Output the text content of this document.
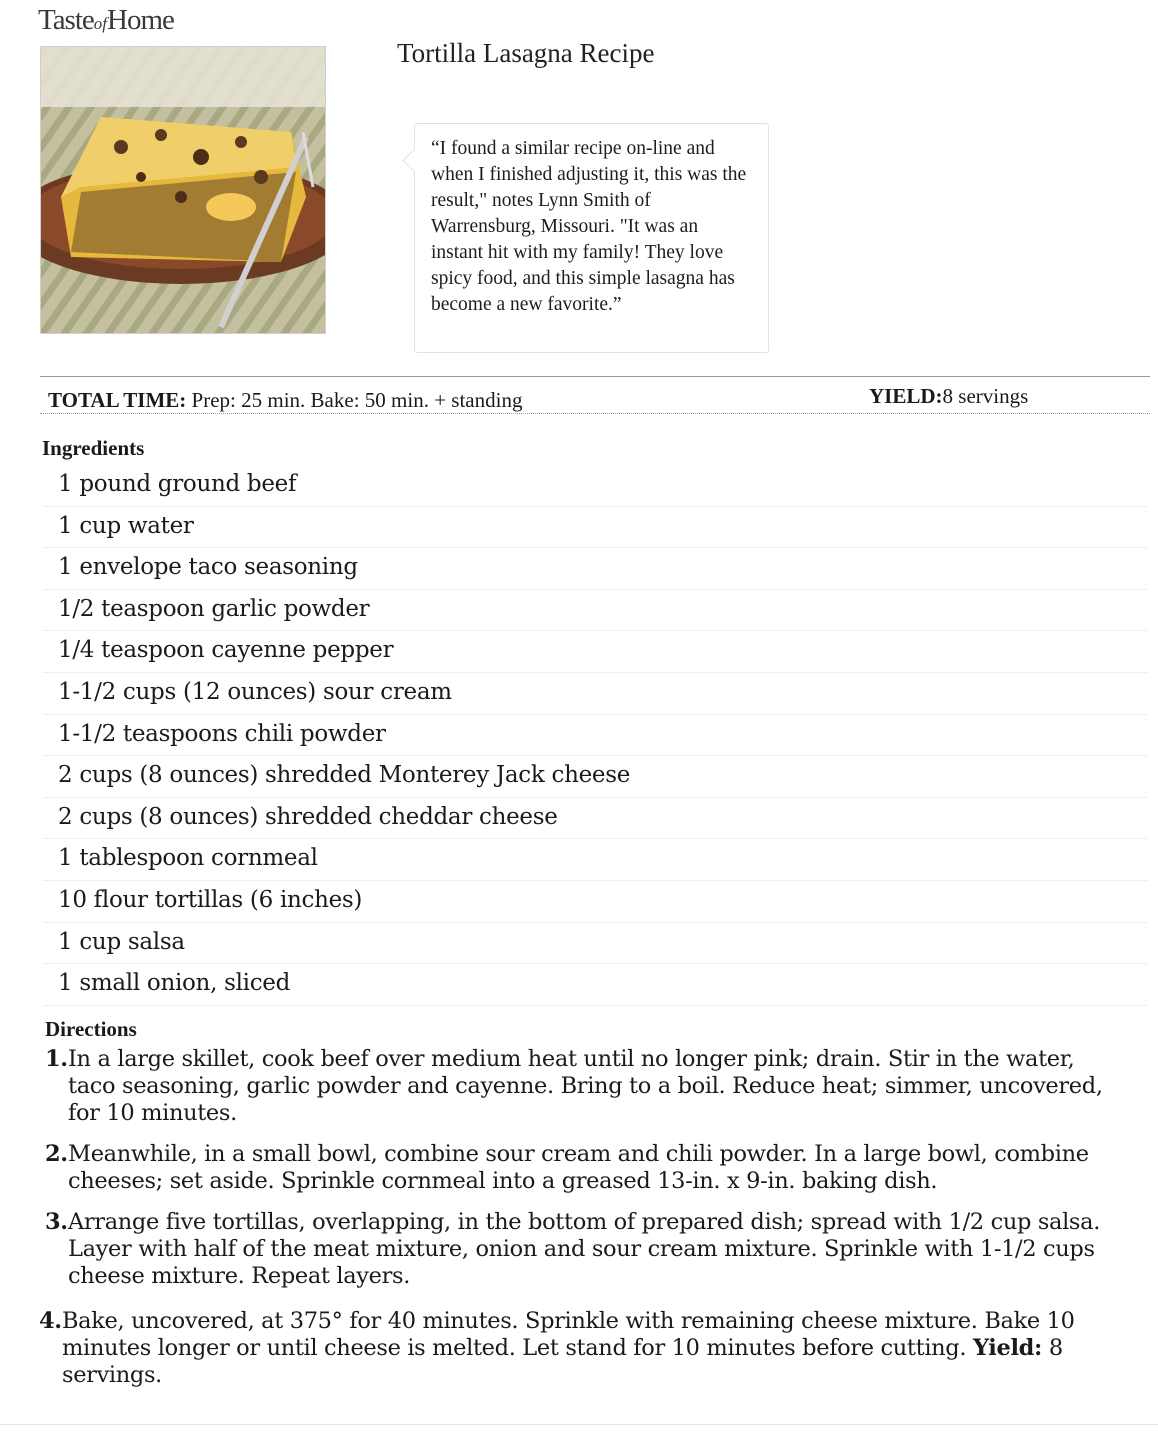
TasteofHome
Tortilla Lasagna Recipe
“I found a similar recipe on-line and when I finished adjusting it, this was the result," notes Lynn Smith of Warrensburg, Missouri. "It was an instant hit with my family! They love spicy food, and this simple lasagna has become a new favorite.”
TOTAL TIME: Prep: 25 min. Bake: 50 min. + standing	YIELD:8 servings
Ingredients
1 pound ground beef
1 cup water
1 envelope taco seasoning
1/2 teaspoon garlic powder
1/4 teaspoon cayenne pepper
1-1/2 cups (12 ounces) sour cream
1-1/2 teaspoons chili powder
2 cups (8 ounces) shredded Monterey Jack cheese
2 cups (8 ounces) shredded cheddar cheese
1 tablespoon cornmeal
10 flour tortillas (6 inches)
1 cup salsa
1 small onion, sliced
Directions
1. In a large skillet, cook beef over medium heat until no longer pink; drain. Stir in the water, taco seasoning, garlic powder and cayenne. Bring to a boil. Reduce heat; simmer, uncovered, for 10 minutes.
2. Meanwhile, in a small bowl, combine sour cream and chili powder. In a large bowl, combine cheeses; set aside. Sprinkle cornmeal into a greased 13-in. x 9-in. baking dish.
3. Arrange five tortillas, overlapping, in the bottom of prepared dish; spread with 1/2 cup salsa. Layer with half of the meat mixture, onion and sour cream mixture. Sprinkle with 1-1/2 cups cheese mixture. Repeat layers.
4. Bake, uncovered, at 375° for 40 minutes. Sprinkle with remaining cheese mixture. Bake 10 minutes longer or until cheese is melted. Let stand for 10 minutes before cutting. Yield: 8 servings.
